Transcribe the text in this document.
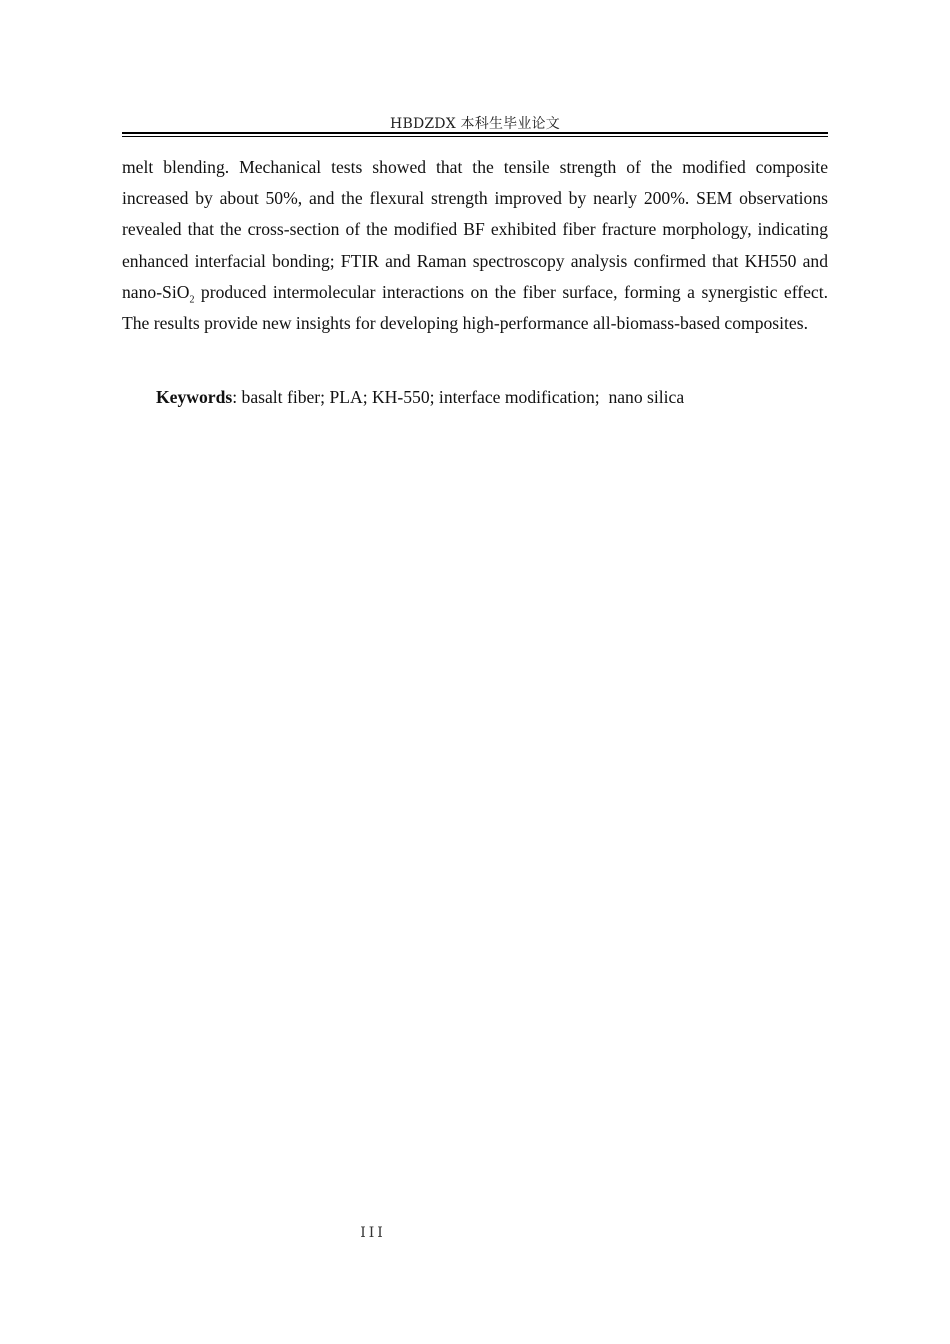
HBDZDX 本科生毕业论文

melt blending. Mechanical tests showed that the tensile strength of the modified composite increased by about 50%, and the flexural strength improved by nearly 200%. SEM observations revealed that the cross-section of the modified BF exhibited fiber fracture morphology, indicating enhanced interfacial bonding; FTIR and Raman spectroscopy analysis confirmed that KH550 and nano-SiO$_2$ produced intermolecular interactions on the fiber surface, forming a synergistic effect. The results provide new insights for developing high-performance all-biomass-based composites.

Keywords: basalt fiber; PLA; KH-550; interface modification;  nano silica

III
